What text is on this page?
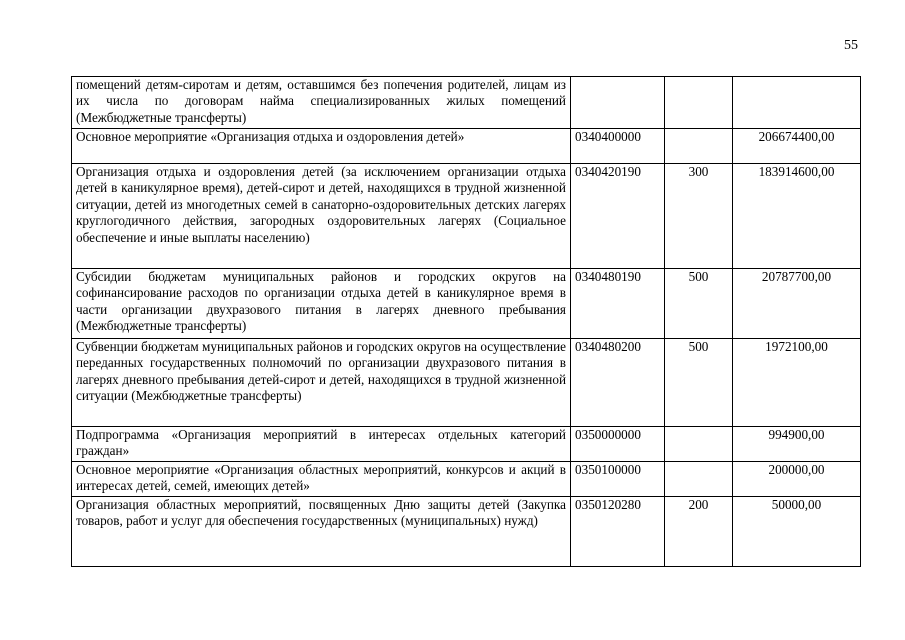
55
помещений детям-сиротам и детям, оставшимся без попечения родителей, лицам из их числа по договорам найма специализированных жилых помещений (Межбюджетные трансферты)			
Основное мероприятие «Организация отдыха и оздоровления детей»	0340400000		206674400,00
Организация отдыха и оздоровления детей (за исключением организации отдыха детей в каникулярное время), детей-сирот и детей, находящихся в трудной жизненной ситуации, детей из многодетных семей в санаторно-оздоровительных детских лагерях круглогодичного действия, загородных оздоровительных лагерях (Социальное обеспечение и иные выплаты населению)	0340420190	300	183914600,00
Субсидии бюджетам муниципальных районов и городских округов на софинансирование расходов по организации отдыха детей в каникулярное время в части организации двухразового питания в лагерях дневного пребывания (Межбюджетные трансферты)	0340480190	500	20787700,00
Субвенции бюджетам муниципальных районов и городских округов на осуществление переданных государственных полномочий по организации двухразового питания в лагерях дневного пребывания детей-сирот и детей, находящихся в трудной жизненной ситуации (Межбюджетные трансферты)	0340480200	500	1972100,00
Подпрограмма «Организация мероприятий в интересах отдельных категорий граждан»	0350000000		994900,00
Основное мероприятие «Организация областных мероприятий, конкурсов и акций в интересах детей, семей, имеющих детей»	0350100000		200000,00
Организация областных мероприятий, посвященных Дню защиты детей (Закупка товаров, работ и услуг для обеспечения государственных (муниципальных) нужд)	0350120280	200	50000,00
